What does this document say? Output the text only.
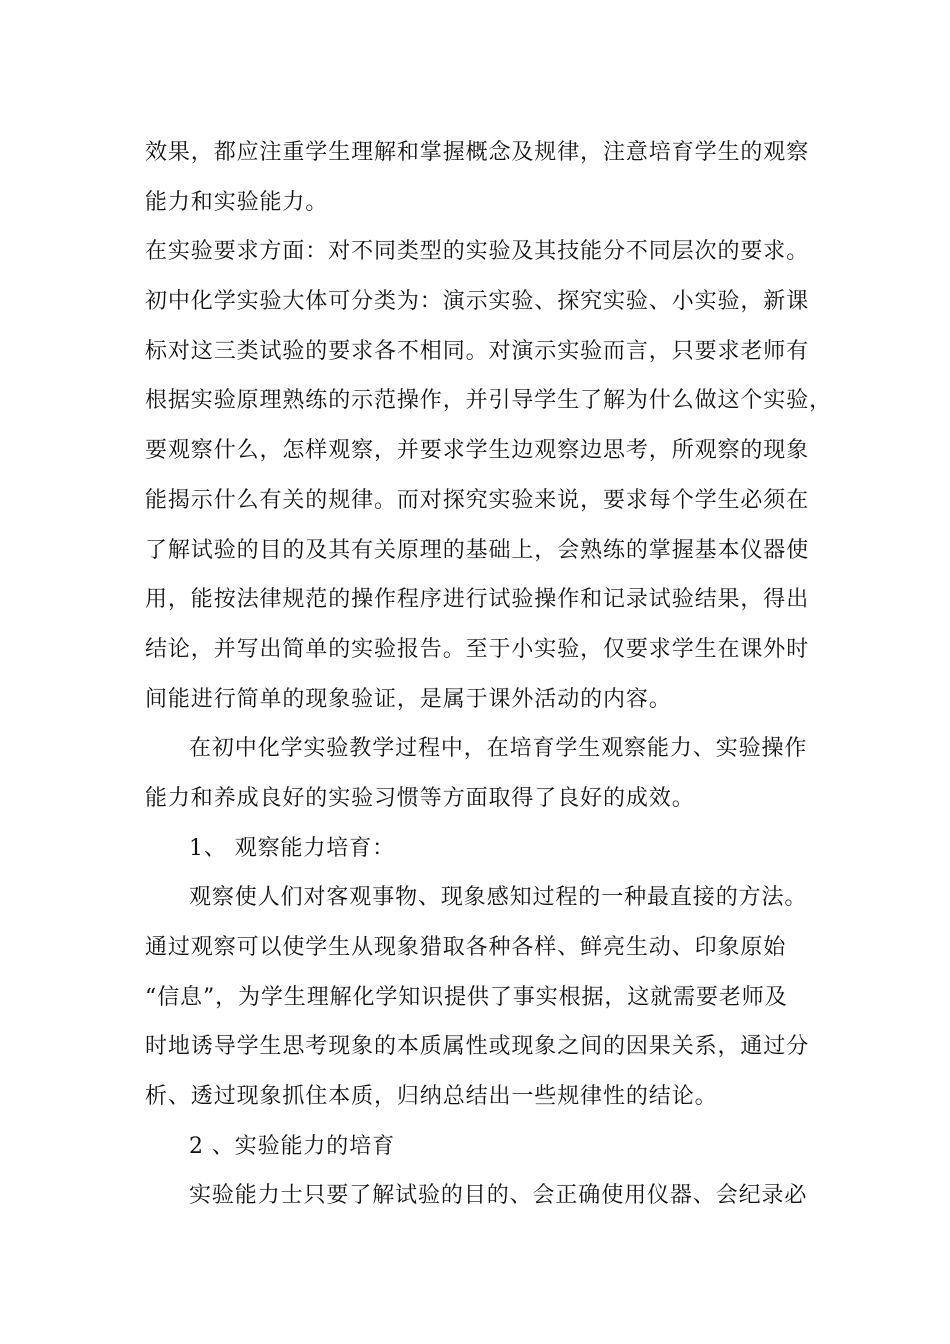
效果，都应注重学生理解和掌握概念及规律，注意培育学生的观察
能力和实验能力。
在实验要求方面：对不同类型的实验及其技能分不同层次的要求。
初中化学实验大体可分类为：演示实验、探究实验、小实验，新课
标对这三类试验的要求各不相同。对演示实验而言，只要求老师有
根据实验原理熟练的示范操作，并引导学生了解为什么做这个实验，
要观察什么，怎样观察，并要求学生边观察边思考，所观察的现象
能揭示什么有关的规律。而对探究实验来说，要求每个学生必须在
了解试验的目的及其有关原理的基础上，会熟练的掌握基本仪器使
用，能按法律规范的操作程序进行试验操作和记录试验结果，得出
结论，并写出简单的实验报告。至于小实验，仅要求学生在课外时
间能进行简单的现象验证，是属于课外活动的内容。
在初中化学实验教学过程中，在培育学生观察能力、实验操作
能力和养成良好的实验习惯等方面取得了良好的成效。
1、 观察能力培育：
观察使人们对客观事物、现象感知过程的一种最直接的方法。
通过观察可以使学生从现象猎取各种各样、鲜亮生动、印象原始
“信息”，为学生理解化学知识提供了事实根据，这就需要老师及
时地诱导学生思考现象的本质属性或现象之间的因果关系，通过分
析、透过现象抓住本质，归纳总结出一些规律性的结论。
2 、实验能力的培育
实验能力士只要了解试验的目的、会正确使用仪器、会纪录必
